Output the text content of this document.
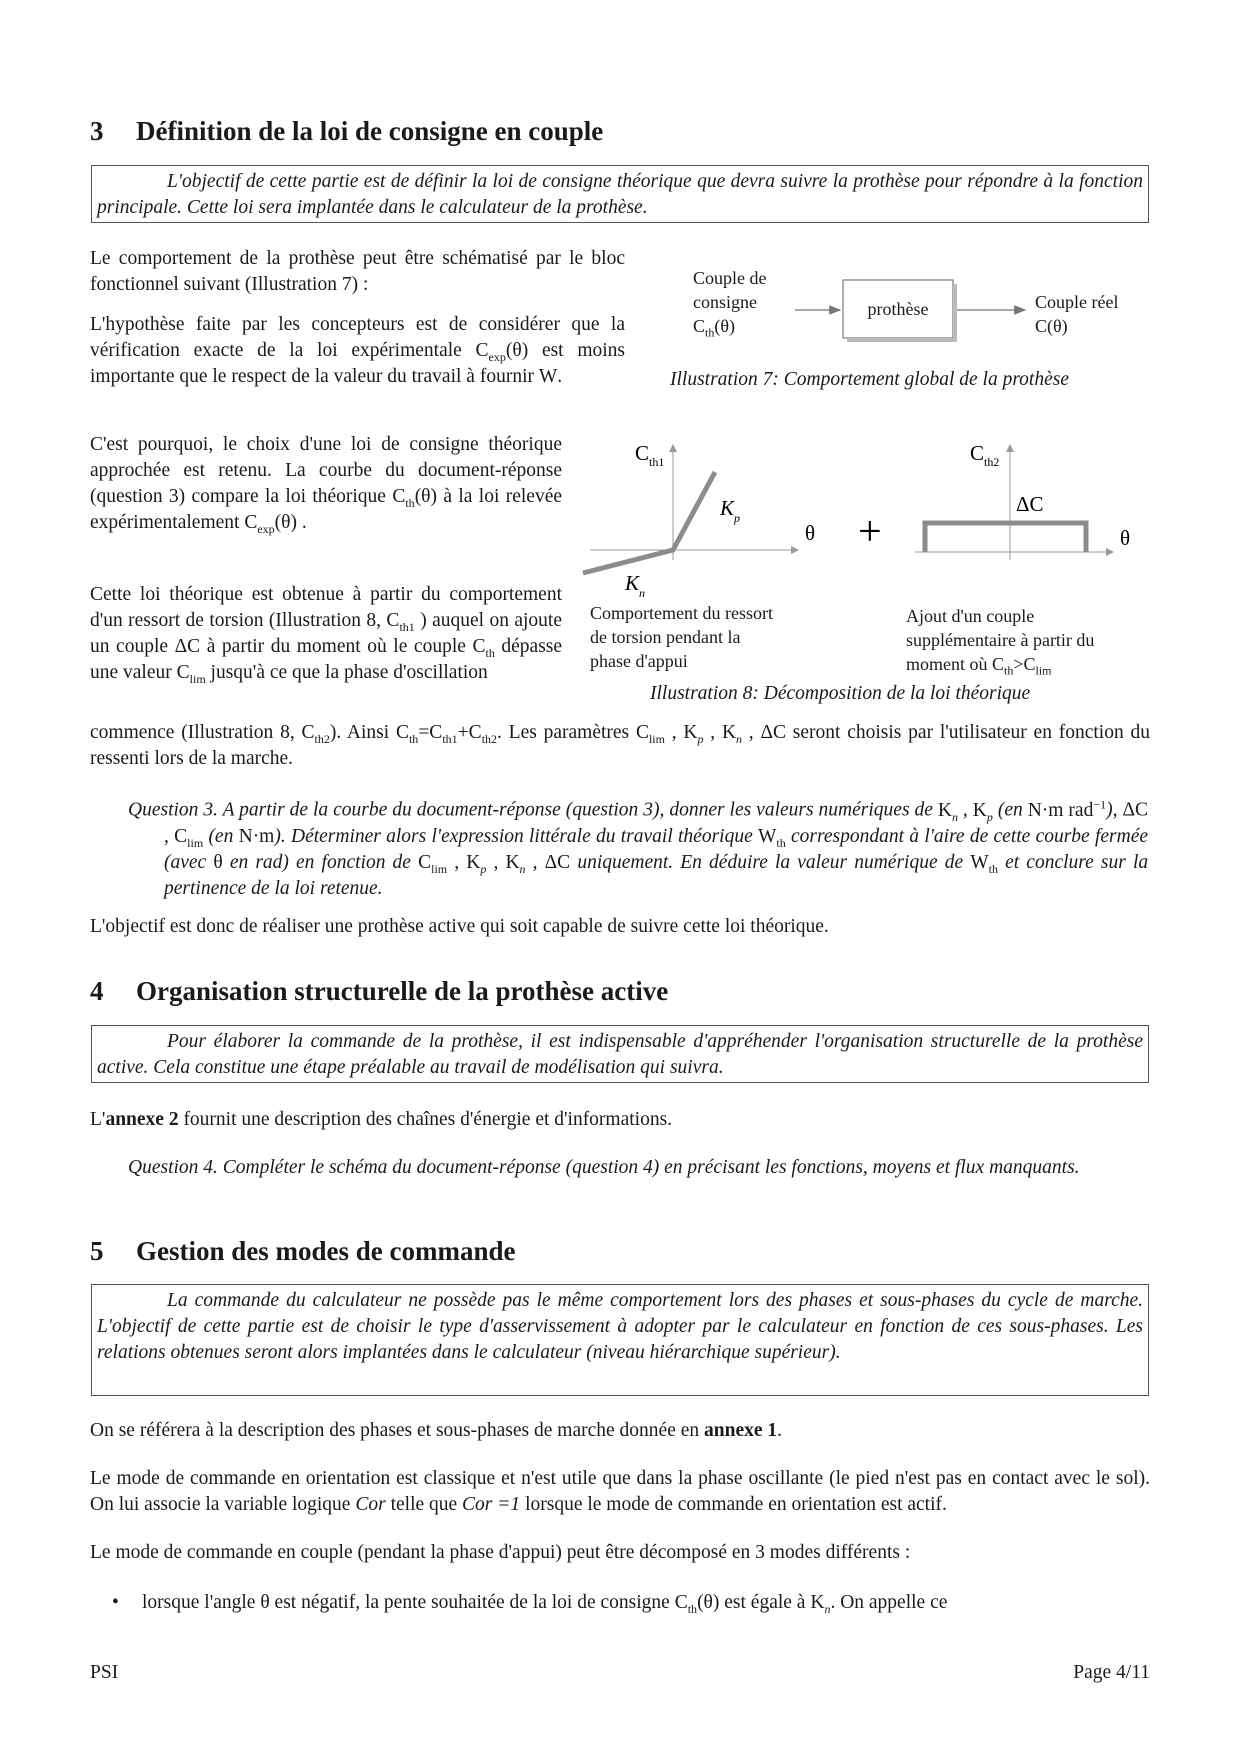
3 Définition de la loi de consigne en couple
L'objectif de cette partie est de définir la loi de consigne théorique que devra suivre la prothèse pour répondre à la fonction principale. Cette loi sera implantée dans le calculateur de la prothèse.

Le comportement de la prothèse peut être schématisé par le bloc fonctionnel suivant (Illustration 7) :

L'hypothèse faite par les concepteurs est de considérer que la vérification exacte de la loi expérimentale $C_{exp}(\theta)$ est moins importante que le respect de la valeur du travail à fournir W.
C'est pourquoi, le choix d'une loi de consigne théorique approchée est retenu. La courbe du document-réponse (question 3) compare la loi théorique $C_{th}(\theta)$ à la loi relevée expérimentalement $C_{exp}(\theta)$ .
Cette loi théorique est obtenue à partir du comportement d'un ressort de torsion (Illustration 8, $C_{th1}$ ) auquel on ajoute un couple ΔC à partir du moment où le couple $C_{th}$ dépasse une valeur $C_{lim}$ jusqu'à ce que la phase d'oscillation
commence (Illustration 8, $C_{th2}$). Ainsi $C_{th}=C_{th1}+C_{th2}$. Les paramètres $C_{lim}$ , $K_p$ , $K_n$ , ΔC seront choisis par l'utilisateur en fonction du ressenti lors de la marche.
Couple de
consigne
$C_{th}(\theta)$
prothèse	Couple réel
C(θ)
Illustration 7: Comportement global de la prothèse
$C_{th1}$
$K_p$
$K_n$
θ +
$C_{th2}$
ΔC
θ
Comportement du ressort
de torsion pendant la
phase d'appui
Ajout d'un couple
supplémentaire à partir du
moment où $C_{th}>C_{lim}$
Illustration 8: Décomposition de la loi théorique
Question 3. A partir de la courbe du document-réponse (question 3), donner les valeurs numériques de $K_n$ , $K_p$ (en N·m rad$^{-1}$), ΔC , $C_{lim}$ (en N·m). Déterminer alors l'expression littérale du travail théorique $W_{th}$ correspondant à l'aire de cette courbe fermée (avec θ en rad) en fonction de $C_{lim}$ , $K_p$ , $K_n$ , ΔC uniquement. En déduire la valeur numérique de $W_{th}$ et conclure sur la pertinence de la loi retenue.
L'objectif est donc de réaliser une prothèse active qui soit capable de suivre cette loi théorique.
4 Organisation structurelle de la prothèse active
Pour élaborer la commande de la prothèse, il est indispensable d'appréhender l'organisation structurelle de la prothèse active. Cela constitue une étape préalable au travail de modélisation qui suivra.
L'annexe 2 fournit une description des chaînes d'énergie et d'informations.
Question 4. Compléter le schéma du document-réponse (question 4) en précisant les fonctions, moyens et flux manquants.
5 Gestion des modes de commande
La commande du calculateur ne possède pas le même comportement lors des phases et sous-phases du cycle de marche. L'objectif de cette partie est de choisir le type d'asservissement à adopter par le calculateur en fonction de ces sous-phases. Les relations obtenues seront alors implantées dans le calculateur (niveau hiérarchique supérieur).
On se référera à la description des phases et sous-phases de marche donnée en annexe 1.
Le mode de commande en orientation est classique et n'est utile que dans la phase oscillante (le pied n'est pas en contact avec le sol). On lui associe la variable logique Cor telle que Cor =1 lorsque le mode de commande en orientation est actif.
Le mode de commande en couple (pendant la phase d'appui) peut être décomposé en 3 modes différents :
• lorsque l'angle θ est négatif, la pente souhaitée de la loi de consigne $C_{th}(\theta)$ est égale à $K_n$. On appelle ce
PSI	Page 4/11
